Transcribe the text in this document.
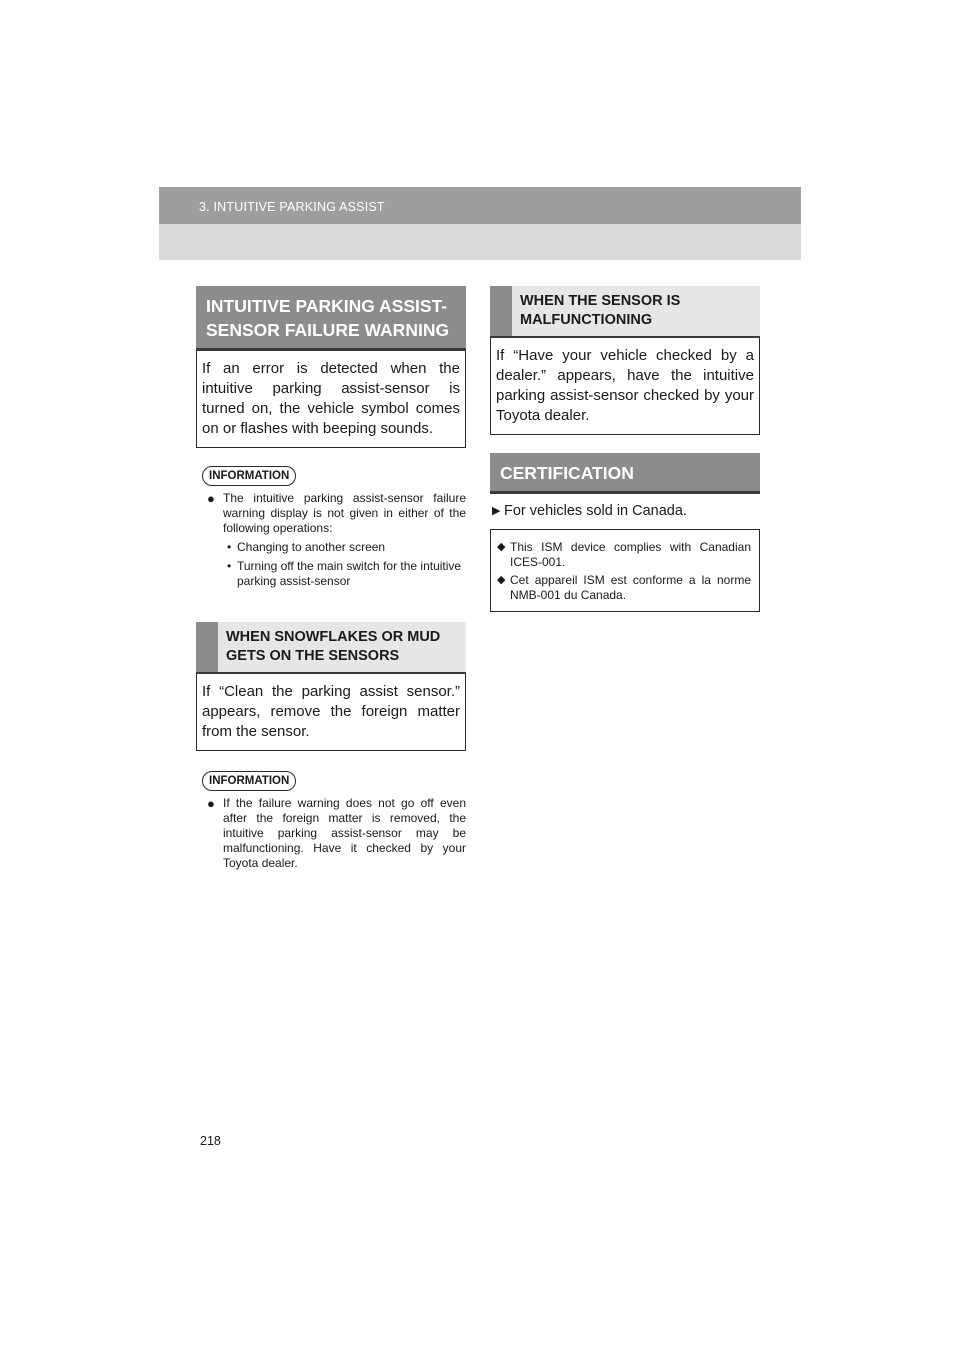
3. INTUITIVE PARKING ASSIST
INTUITIVE PARKING ASSIST-SENSOR FAILURE WARNING
If an error is detected when the intuitive parking assist-sensor is turned on, the vehicle symbol comes on or flashes with beeping sounds.
INFORMATION
● The intuitive parking assist-sensor failure warning display is not given in either of the following operations:
• Changing to another screen
• Turning off the main switch for the intuitive parking assist-sensor
WHEN SNOWFLAKES OR MUD GETS ON THE SENSORS
If “Clean the parking assist sensor.” appears, remove the foreign matter from the sensor.
INFORMATION
● If the failure warning does not go off even after the foreign matter is removed, the intuitive parking assist-sensor may be malfunctioning. Have it checked by your Toyota dealer.
WHEN THE SENSOR IS MALFUNCTIONING
If “Have your vehicle checked by a dealer.” appears, have the intuitive parking assist-sensor checked by your Toyota dealer.
CERTIFICATION
▶ For vehicles sold in Canada.
◆ This ISM device complies with Canadian ICES-001.
◆ Cet appareil ISM est conforme a la norme NMB-001 du Canada.
218
